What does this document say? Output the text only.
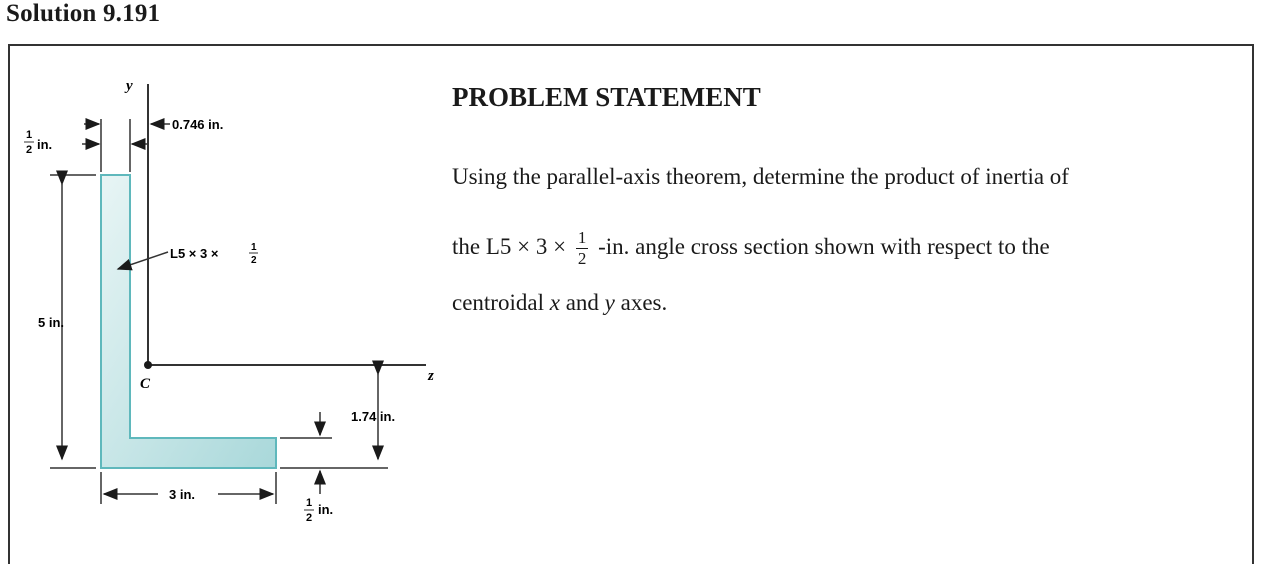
Solution 9.191
y
z
C
0.746 in.
1
2 in.
L5 × 3 ×	1
2
5 in.
1.74 in.
3 in.
1
2
in.
PROBLEM STATEMENT
Using the parallel-axis theorem, determine the product of inertia of
the $L5 \times 3 \times \frac{1}{2} -in$. angle cross section shown with respect to the
centroidal x and y axes.
